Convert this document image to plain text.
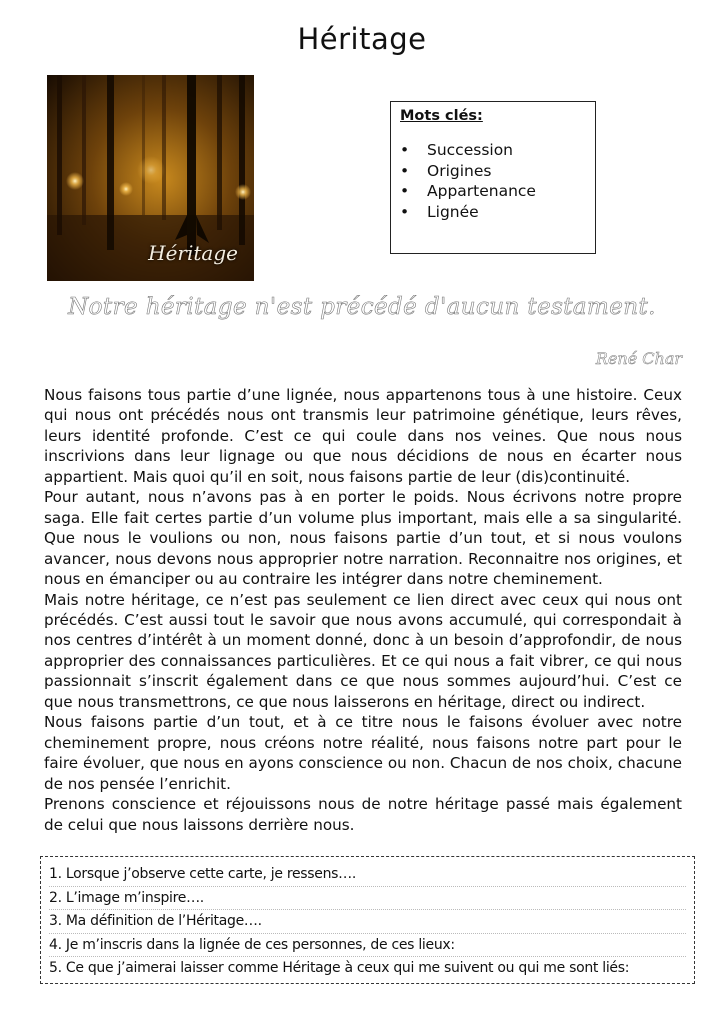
Héritage
Héritage
Mots clés:
• Succession
• Origines
• Appartenance
• Lignée
Notre héritage n'est précédé d'aucun testament.
René Char

Nous faisons tous partie d’une lignée, nous appartenons tous à une histoire. Ceux qui nous ont précédés nous ont transmis leur patrimoine génétique, leurs rêves, leurs identité profonde. C’est ce qui coule dans nos veines. Que nous nous inscrivions dans leur lignage ou que nous décidions de nous en écarter nous appartient. Mais quoi qu’il en soit, nous faisons partie de leur (dis)continuité.

Pour autant, nous n’avons pas à en porter le poids. Nous écrivons notre propre saga. Elle fait certes partie d’un volume plus important, mais elle a sa singularité. Que nous le voulions ou non, nous faisons partie d’un tout, et si nous voulons avancer, nous devons nous approprier notre narration. Reconnaitre nos origines, et nous en émanciper ou au contraire les intégrer dans notre cheminement.

Mais notre héritage, ce n’est pas seulement ce lien direct avec ceux qui nous ont précédés. C’est aussi tout le savoir que nous avons accumulé, qui correspondait à nos centres d’intérêt à un moment donné, donc à un besoin d’approfondir, de nous approprier des connaissances particulières. Et ce qui nous a fait vibrer, ce qui nous passionnait s’inscrit également dans ce que nous sommes aujourd’hui. C’est ce que nous transmettrons, ce que nous laisserons en héritage, direct ou indirect.

Nous faisons partie d’un tout, et à ce titre nous le faisons évoluer avec notre cheminement propre, nous créons notre réalité, nous faisons notre part pour le faire évoluer, que nous en ayons conscience ou non. Chacun de nos choix, chacune de nos pensée l’enrichit.

Prenons conscience et réjouissons nous de notre héritage passé mais également de celui que nous laissons derrière nous.

1. Lorsque j’observe cette carte, je ressens….
2. L’image m’inspire….
3. Ma définition de l’Héritage….
4. Je m’inscris dans la lignée de ces personnes, de ces lieux:
5. Ce que j’aimerai laisser comme Héritage à ceux qui me suivent ou qui me sont liés:
